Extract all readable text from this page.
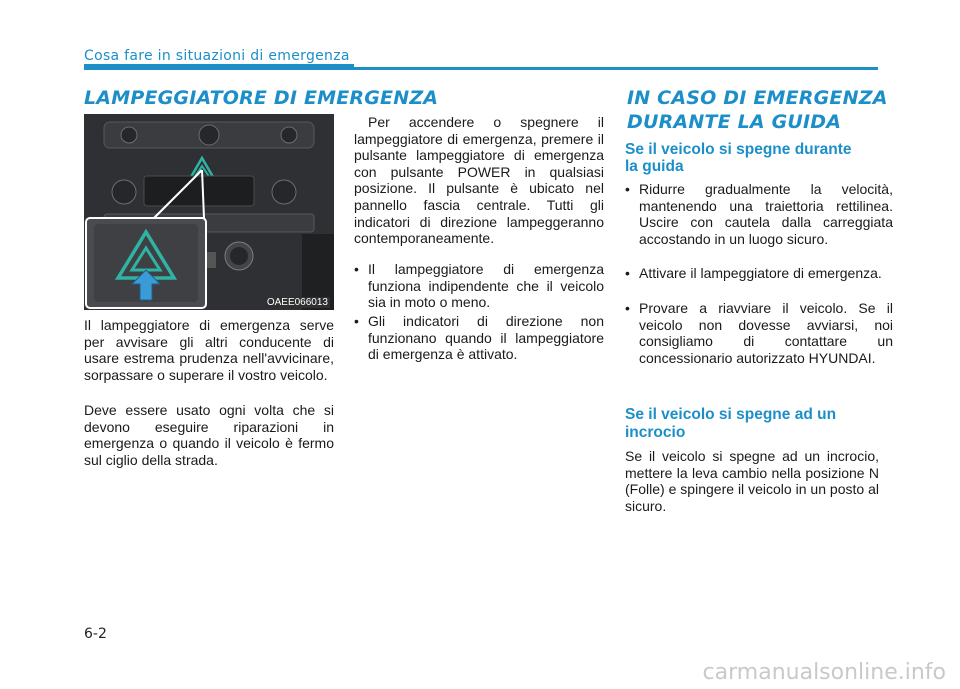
Cosa fare in situazioni di emergenza
LAMPEGGIATORE DI EMERGENZA
OAEE066013

Il lampeggiatore di emergenza serve per avvisare gli altri conducente di usare estrema prudenza nell'avvicinare, sorpassare o superare il vostro veicolo.

Deve essere usato ogni volta che si devono eseguire riparazioni in emergenza o quando il veicolo è fermo sul ciglio della strada.

Per accendere o spegnere il lampeggiatore di emergenza, premere il pulsante lampeggiatore di emergenza con pulsante POWER in qualsiasi posizione. Il pulsante è ubicato nel pannello fascia centrale. Tutti gli indicatori di direzione lampeggeranno contemporaneamente.

• Il lampeggiatore di emergenza funziona indipendente che il veicolo sia in moto o meno.

• Gli indicatori di direzione non funzionano quando il lampeggiatore di emergenza è attivato.

IN CASO DI EMERGENZA
DURANTE LA GUIDA
Se il veicolo si spegne durante
la guida

• Ridurre gradualmente la velocità, mantenendo una traiettoria rettilinea. Uscire con cautela dalla carreggiata accostando in un luogo sicuro.

• Attivare il lampeggiatore di emergenza.

• Provare a riavviare il veicolo. Se il veicolo non dovesse avviarsi, noi consigliamo di contattare un concessionario autorizzato HYUNDAI.

Se il veicolo si spegne ad un
incrocio

Se il veicolo si spegne ad un incrocio, mettere la leva cambio nella posizione N (Folle) e spingere il veicolo in un posto al sicuro.

6-2
carmanualsonline.info
